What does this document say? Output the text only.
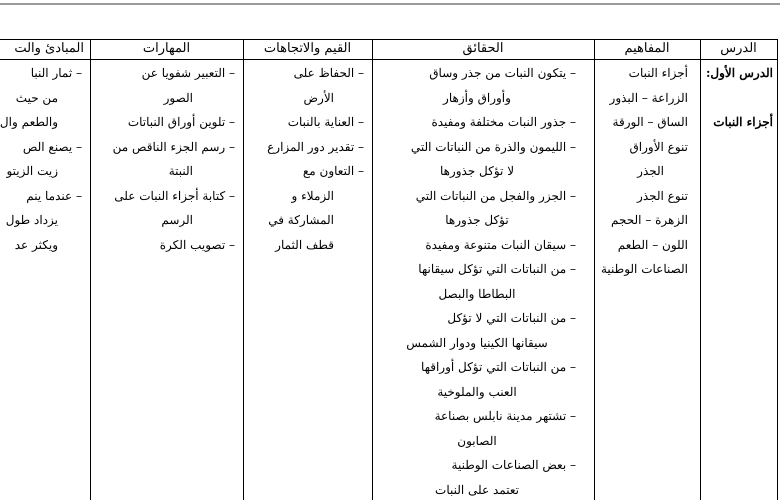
الدرس
الدرس الأول:
أجزاء النبات
المفاهيم
أجزاء النبات
الزراعة – البذور
الساق – الورقة
تنوع الأوراق
الجذر
تنوع الجذر
الزهرة – الحجم
اللون – الطعم
الصناعات الوطنية
الحقائق
– يتكون النبات من جذر وساق
وأوراق وأزهار
– جذور النبات مختلفة ومفيدة
– الليمون والذرة من النباتات التي
لا تؤكل جذورها
– الجزر والفجل من النباتات التي
تؤكل جذورها
– سيقان النبات متنوعة ومفيدة
– من النباتات التي تؤكل سيقانها
البطاطا والبصل
– من النباتات التي لا تؤكل
سيقانها الكينيا ودوار الشمس
– من النباتات التي تؤكل أوراقها
العنب والملوخية
– تشتهر مدينة نابلس بصناعة
الصابون
– بعض الصناعات الوطنية
تعتمد على النبات
القيم والاتجاهات
– الحفاظ على
الأرض
– العناية بالنبات
– تقدير دور المزارع
– التعاون مع
الزملاء و
المشاركة في
قطف الثمار
المهارات
– التعبير شفويا عن
الصور
– تلوين أوراق النباتات
– رسم الجزء الناقص من
النبتة
– كتابة أجزاء النبات على
الرسم
– تصويب الكرة
المبادئ والت
– ثمار النبا
من حيث
والطعم وال
– يصنع الص
زيت الزيتو
– عندما ينم
يزداد طول
ويكثر عد
